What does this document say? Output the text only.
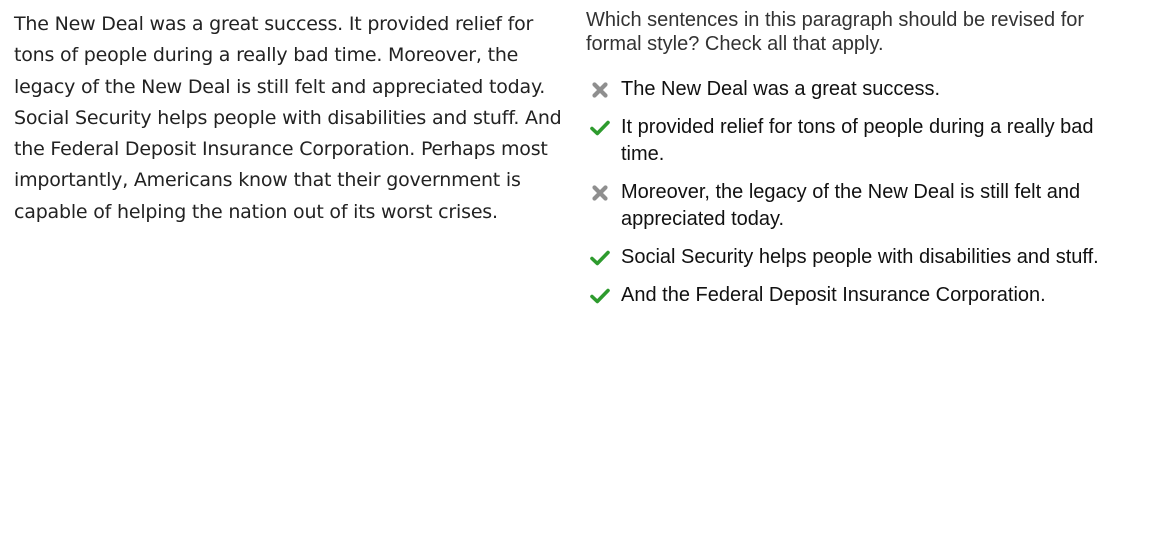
The New Deal was a great success. It provided relief for tons of people during a really bad time. Moreover, the legacy of the New Deal is still felt and appreciated today. Social Security helps people with disabilities and stuff. And the Federal Deposit Insurance Corporation. Perhaps most importantly, Americans know that their government is capable of helping the nation out of its worst crises.

Which sentences in this paragraph should be revised for formal style? Check all that apply.

The New Deal was a great success.
It provided relief for tons of people during a really bad time.
Moreover, the legacy of the New Deal is still felt and appreciated today.
Social Security helps people with disabilities and stuff.
And the Federal Deposit Insurance Corporation.
